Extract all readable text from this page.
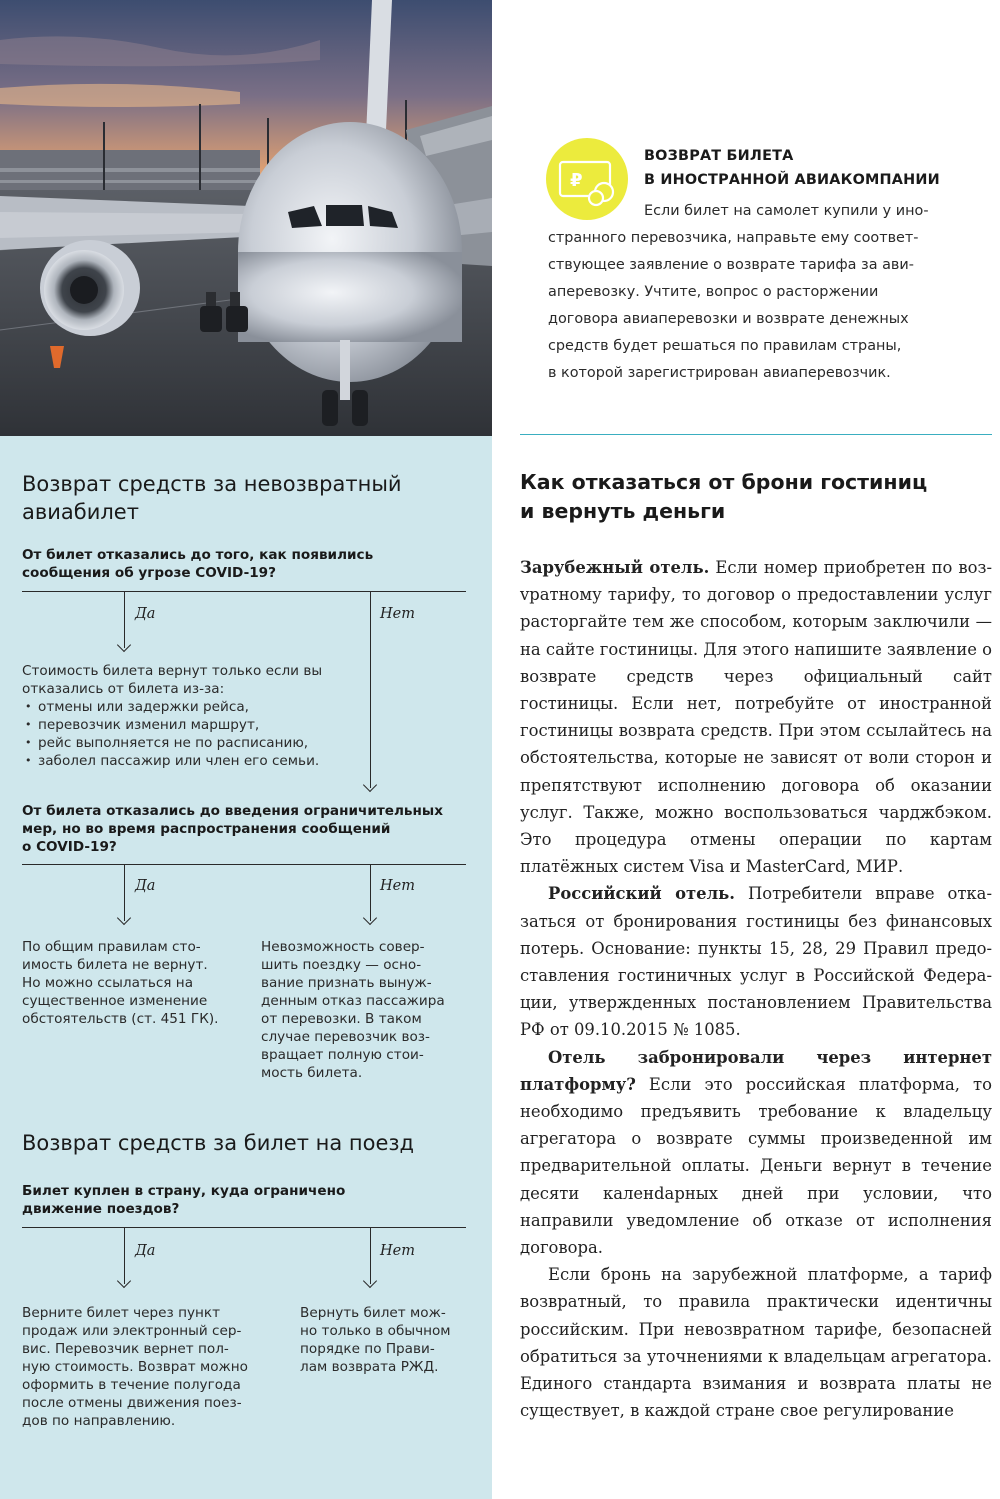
₽
ВОЗВРАТ БИЛЕТА
В ИНОСТРАННОЙ АВИАКОМПАНИИ

Если билет на самолет купили у ино-

странного перевозчика, направьте ему соответ-

ствующее заявление о возврате тарифа за ави-

аперевозку. Учтите, вопрос о расторжении

договора авиаперевозки и возврате денежных

средств будет решаться по правилам страны,

в которой зарегистрирован авиаперевозчик.

Возврат средств за невозвратный
авиабилет

От билет отказались до того, как появились
сообщения об угрозе COVID-19?

Да	Нет

Стоимость билета вернут только если вы
отказались от билета из-за:

• отмены или задержки рейса,
• перевозчик изменил маршрут,
• рейс выполняется не по расписанию,
• заболел пассажир или член его семьи.

От билета отказались до введения ограничительных
мер, но во время распространения сообщений
о COVID-19?

Да	Нет

По общим правилам сто-
имость билета не вернут.
Но можно ссылаться на
существенное изменение
обстоятельств (ст. 451 ГК).

Невозможность совер-
шить поездку — осно-
вание признать вынуж-
денным отказ пассажира
от перевозки. В таком
случае перевозчик воз-
вращает полную стои-
мость билета.

Возврат средств за билет на поезд

Билет куплен в страну, куда ограничено
движение поездов?

Да	Нет

Верните билет через пункт
продаж или электронный сер-
вис. Перевозчик вернет пол-
ную стоимость. Возврат можно
оформить в течение полугода
после отмены движения поез-
дов по направлению.

Вернуть билет мож-
но только в обычном
порядке по Прави-
лам возврата РЖД.

Как отказаться от брони гостиниц
и вернуть деньги

Зарубежный отель. Если номер приобретен по возvратному тарифу, то договор о предоставлении услуг расторгайте тем же способом, которым заключили — на сайте гостиницы. Для этого напишите заявление о возврате средств через официальный сайт гостиницы. Если нет, потребуйте от иностранной гостиницы возврата средств. При этом ссылайтесь на обстоятельства, которые не зависят от воли сторон и препятствуют исполнению договора об оказании услуг. Также, можно воспользоваться чарджбэком. Это процедура отмены операции по картам платёжных систем Visa и MasterCard, МИР.

Российский отель. Потребители вправе отказаться от бронирования гостиницы без финансовых потерь. Основание: пункты 15, 28, 29 Правил предоставления гостиничных услуг в Российской Федерации, утвержденных постановлением Правительства РФ от 09.10.2015 № 1085.

Отель забронировали через интернет платформу? Если это российская платформа, то необходимо предъявить требование к владельцу агрегатора о возврате суммы произведенной им предварительной оплаты. Деньги вернут в течение десяти каленdарных дней при условии, что направили уведомление об отказе от исполнения договора.

Если бронь на зарубежной платформе, а тариф возвратный, то правила практически идентичны российским. При невозвратном тарифе, безопасней обратиться за уточнениями к владельцам агрегатора. Единого стандарта взимания и возврата платы не существует, в каждой стране свое регулирование
